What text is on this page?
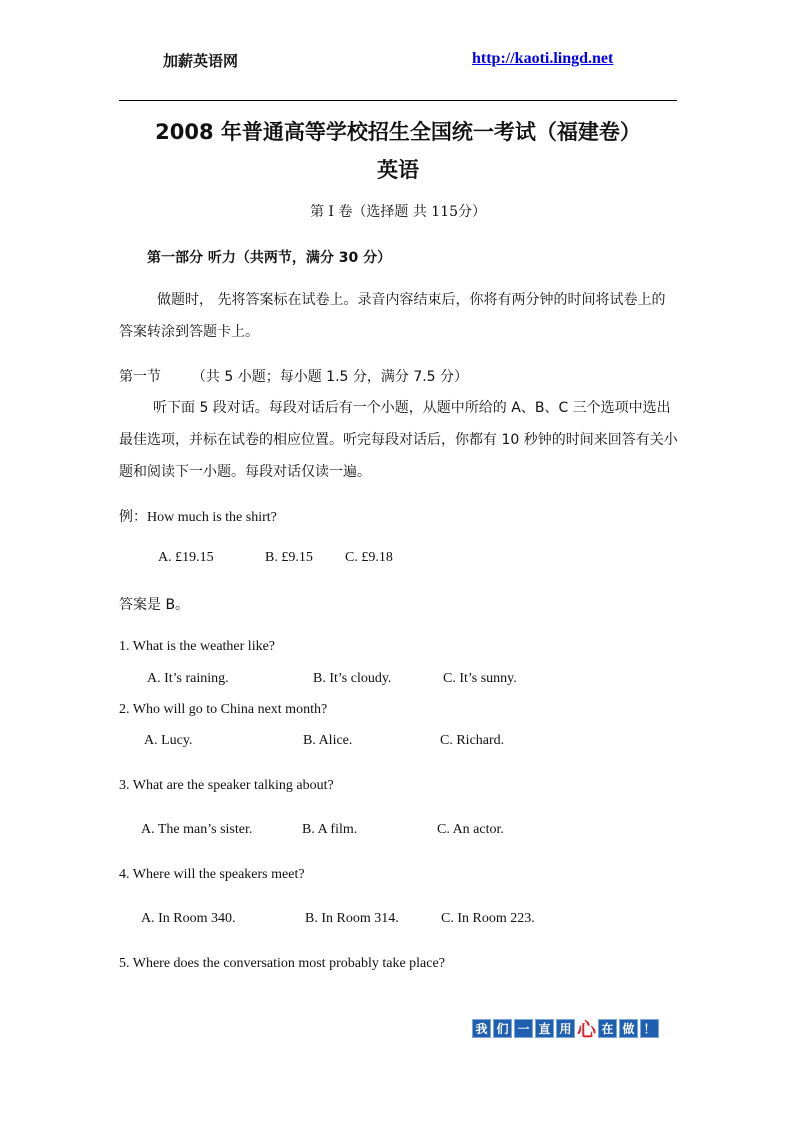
加薪英语网	http://kaoti.lingd.net
2008 年普通高等学校招生全国统一考试（福建卷）
英语
第 I 卷（选择题 共 115分）
第一部分 听力（共两节，满分 30 分）
做题时， 先将答案标在试卷上。录音内容结束后，你将有两分钟的时间将试卷上的答案转涂到答题卡上。
第一节 （共 5 小题；每小题 1.5 分，满分 7.5 分）
听下面 5 段对话。每段对话后有一个小题，从题中所给的 A、B、C 三个选项中选出最佳选项，并标在试卷的相应位置。听完每段对话后，你都有 10 秒钟的时间来回答有关小题和阅读下一小题。每段对话仅读一遍。
例：How much is the shirt?
A. £19.15	B. £9.15 C. £9.18
答案是 B。
1. What is the weather like?
A. It’s raining.	B. It’s cloudy.	C. It’s sunny.
2. Who will go to China next month?
A. Lucy.	B. Alice.	C. Richard.
3. What are the speaker talking about?
A. The man’s sister.	B. A film.	C. An actor.
4. Where will the speakers meet?
A. In Room 340.	B. In Room 314.	C. In Room 223.
5. Where does the conversation most probably take place?
我 们 一 直 用 心 在 做 ！
